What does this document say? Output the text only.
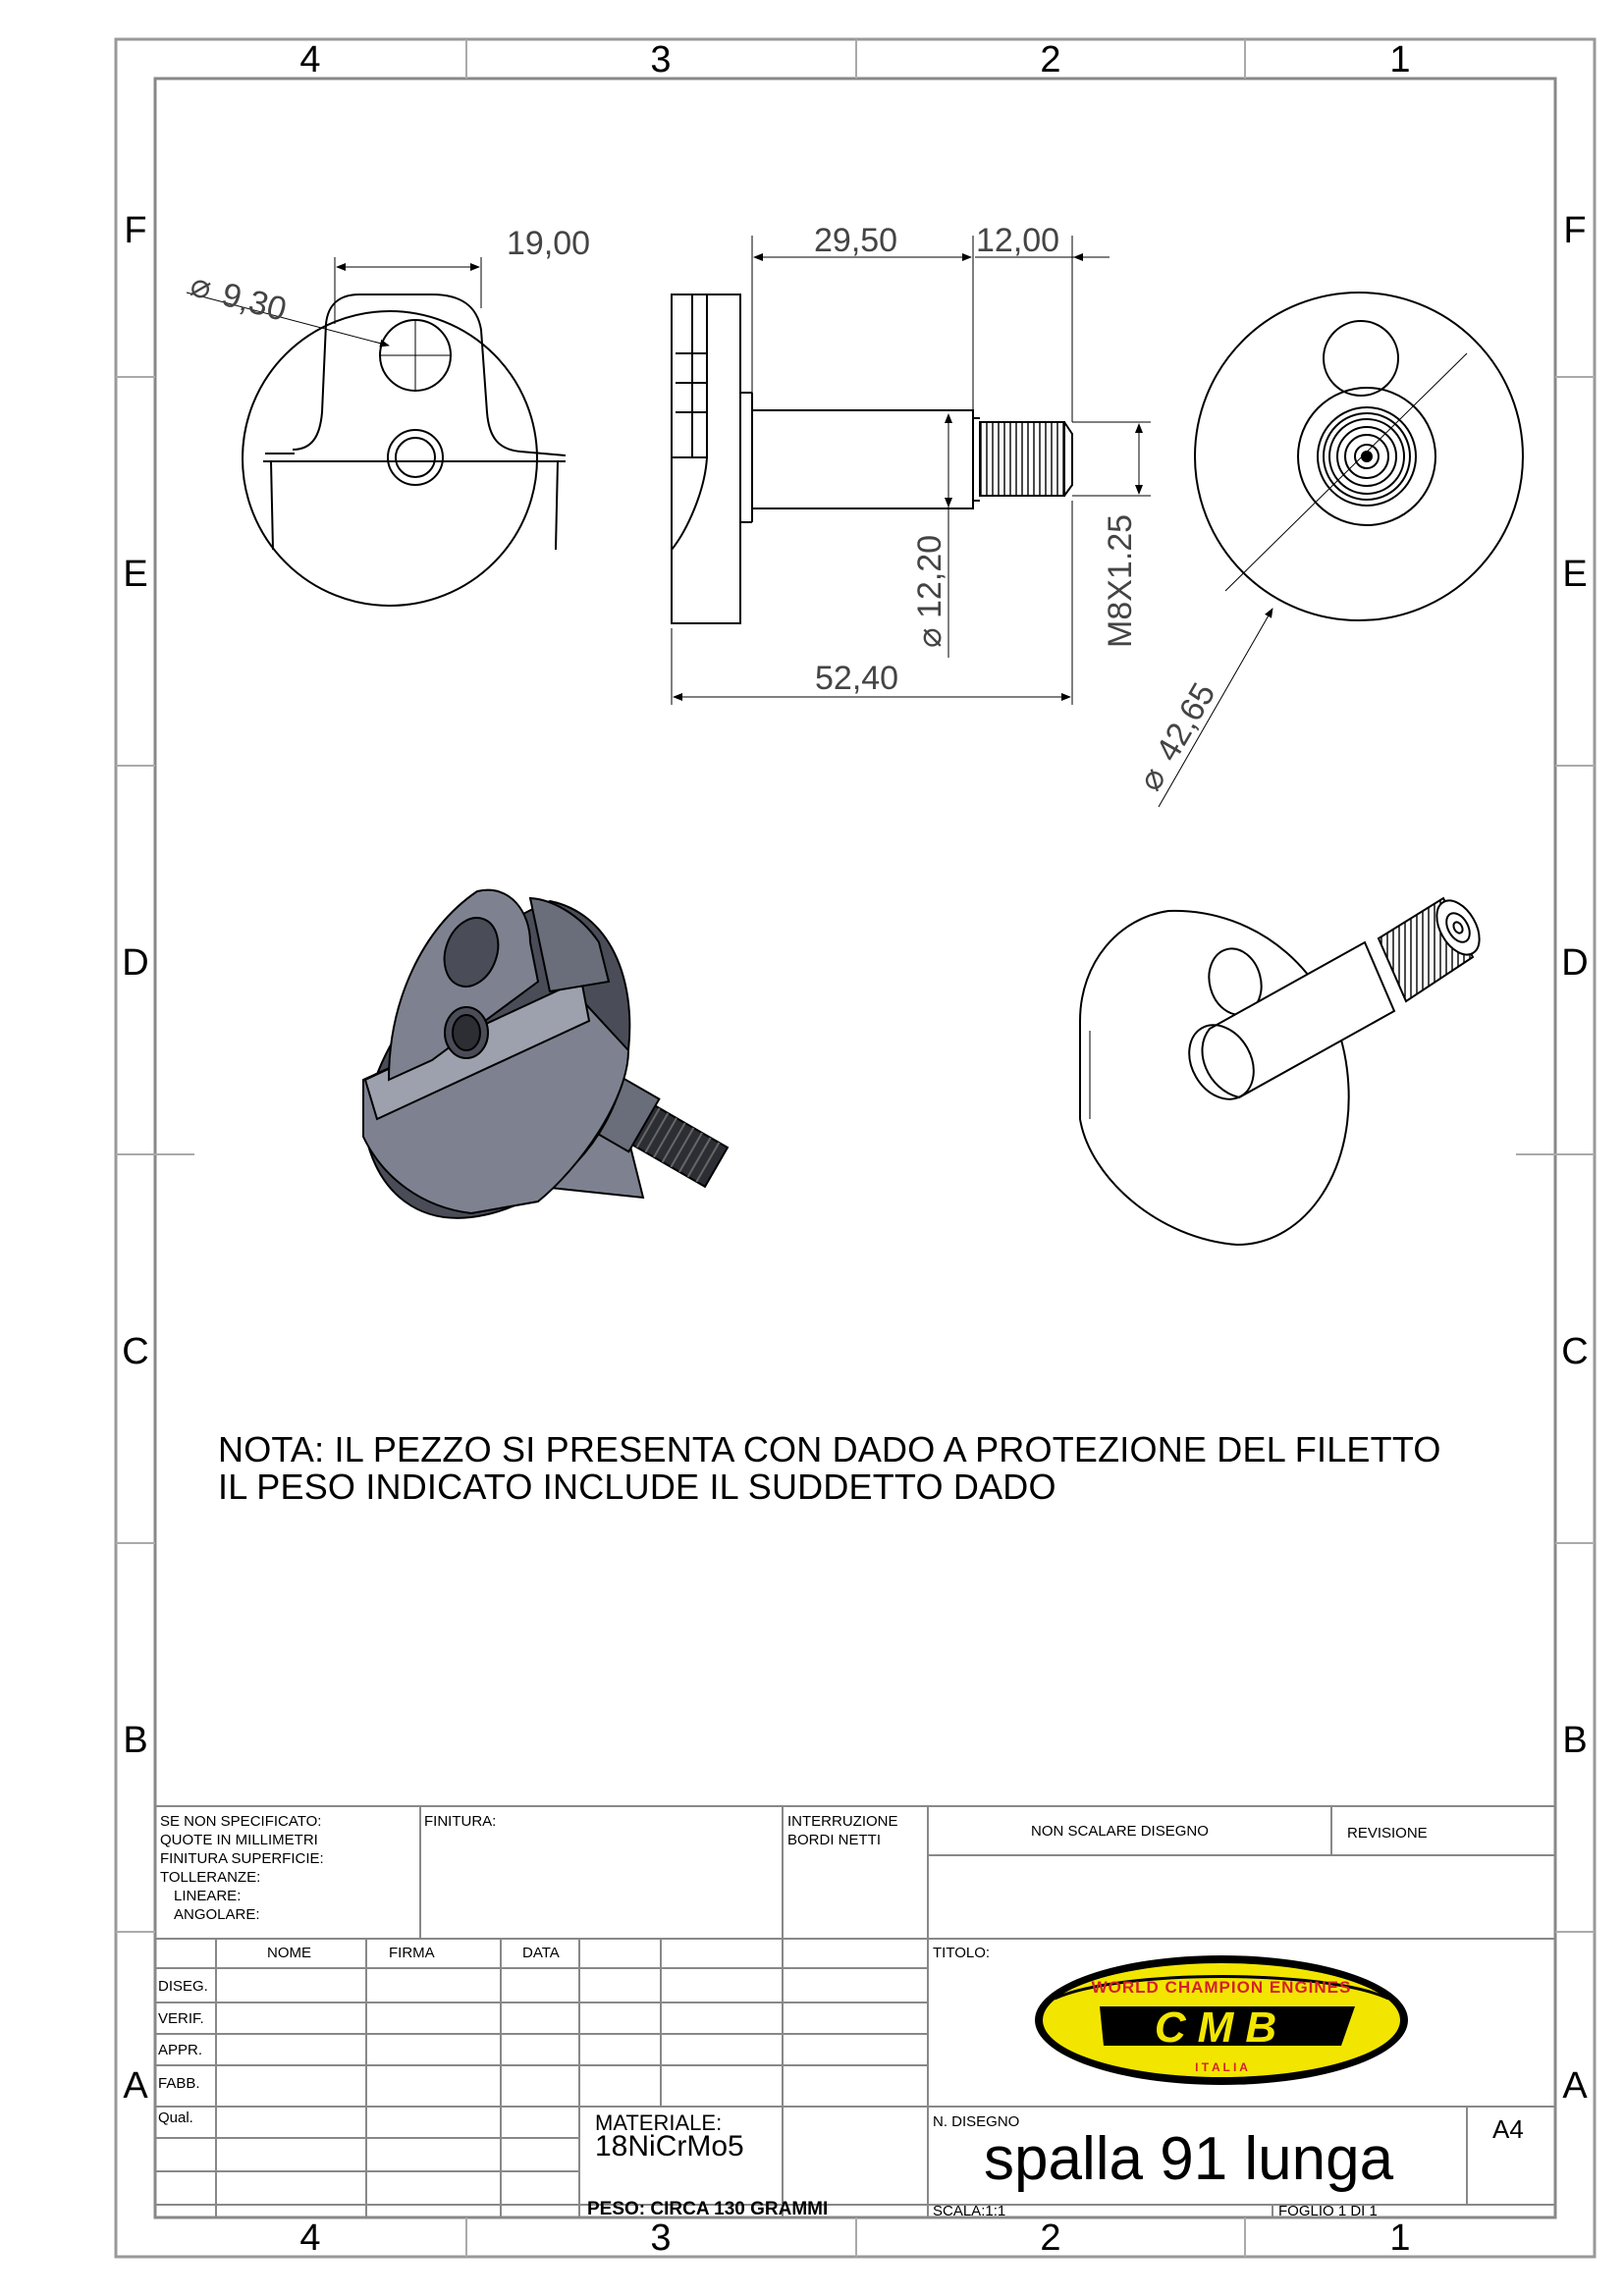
4	3	2	1
4	3	2	1
F
E
D
C
B
A
F
E
D
C
B
A
19,00
⌀ 9,30
29,50 12,00
52,40
⌀
12,20	M8X1.25
⌀
42,65
WORLD CHAMPION ENGINES
CMB
I T A L I A
NOTA: IL PEZZO SI PRESENTA CON DADO A PROTEZIONE DEL FILETTO
IL PESO INDICATO INCLUDE IL SUDDETTO DADO
SE NON SPECIFICATO:
QUOTE IN MILLIMETRI
FINITURA SUPERFICIE:
TOLLERANZE:
LINEARE:
ANGOLARE:
FINITURA:	INTERRUZIONE
BORDI NETTI
NON SCALARE DISEGNO	REVISIONE
NOME	FIRMA	DATA
DISEG.
VERIF.
APPR.
FABB.
Qual.
TITOLO:
MATERIALE:
18NiCrMo5
N. DISEGNO
spalla 91 lunga	A4
PESO: CIRCA 130 GRAMMI	SCALA:1:1	FOGLIO 1 DI 1
